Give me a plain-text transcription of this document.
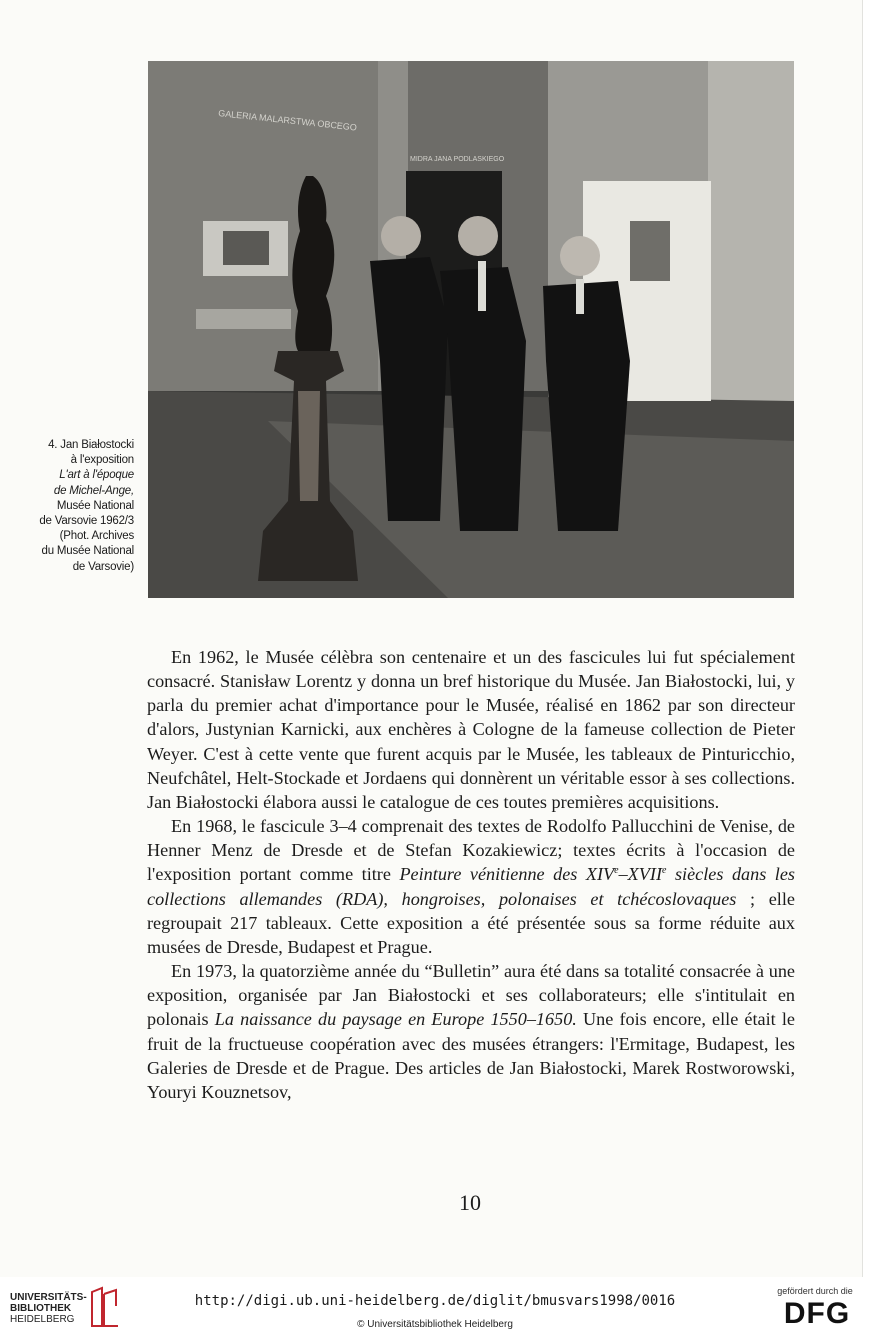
GALERIA MALARSTWA OBCEGO
MIDRA JANA PODLASKIEGO
4. Jan Białostocki
à l'exposition
L'art à l'époque
de Michel-Ange,
Musée National
de Varsovie 1962/3
(Phot. Archives
du Musée National
de Varsovie)

En 1962, le Musée célèbra son centenaire et un des fascicules lui fut spécialement consacré. Stanisław Lorentz y donna un bref historique du Musée. Jan Białostocki, lui, y parla du premier achat d'importance pour le Musée, réalisé en 1862 par son directeur d'alors, Justynian Karnicki, aux enchères à Cologne de la fameuse collection de Pieter Weyer. C'est à cette vente que furent acquis par le Musée, les tableaux de Pinturicchio, Neufchâtel, Helt-Stockade et Jordaens qui donnèrent un véritable essor à ses collections. Jan Białostocki élabora aussi le catalogue de ces toutes premières acquisitions.

En 1968, le fascicule 3–4 comprenait des textes de Rodolfo Pallucchini de Venise, de Henner Menz de Dresde et de Stefan Kozakiewicz; textes écrits à l'occasion de l'exposition portant comme titre Peinture vénitienne des XIVe–XVIIe siècles dans les collections allemandes (RDA), hongroises, polonaises et tchécoslovaques ; elle regroupait 217 tableaux. Cette exposition a été présentée sous sa forme réduite aux musées de Dresde, Budapest et Prague.

En 1973, la quatorzième année du “Bulletin” aura été dans sa totalité consacrée à une exposition, organisée par Jan Białostocki et ses collaborateurs; elle s'intitulait en polonais La naissance du paysage en Europe 1550–1650. Une fois encore, elle était le fruit de la fructueuse coopération avec des musées étrangers: l'Ermitage, Budapest, les Galeries de Dresde et de Prague. Des articles de Jan Białostocki, Marek Rostworowski, Youryi Kouznetsov,

10
UNIVERSITÄTS-
BIBLIOTHEK
HEIDELBERG
http://digi.ub.uni-heidelberg.de/diglit/bmusvars1998/0016
© Universitätsbibliothek Heidelberg
gefördert durch die
DFG
